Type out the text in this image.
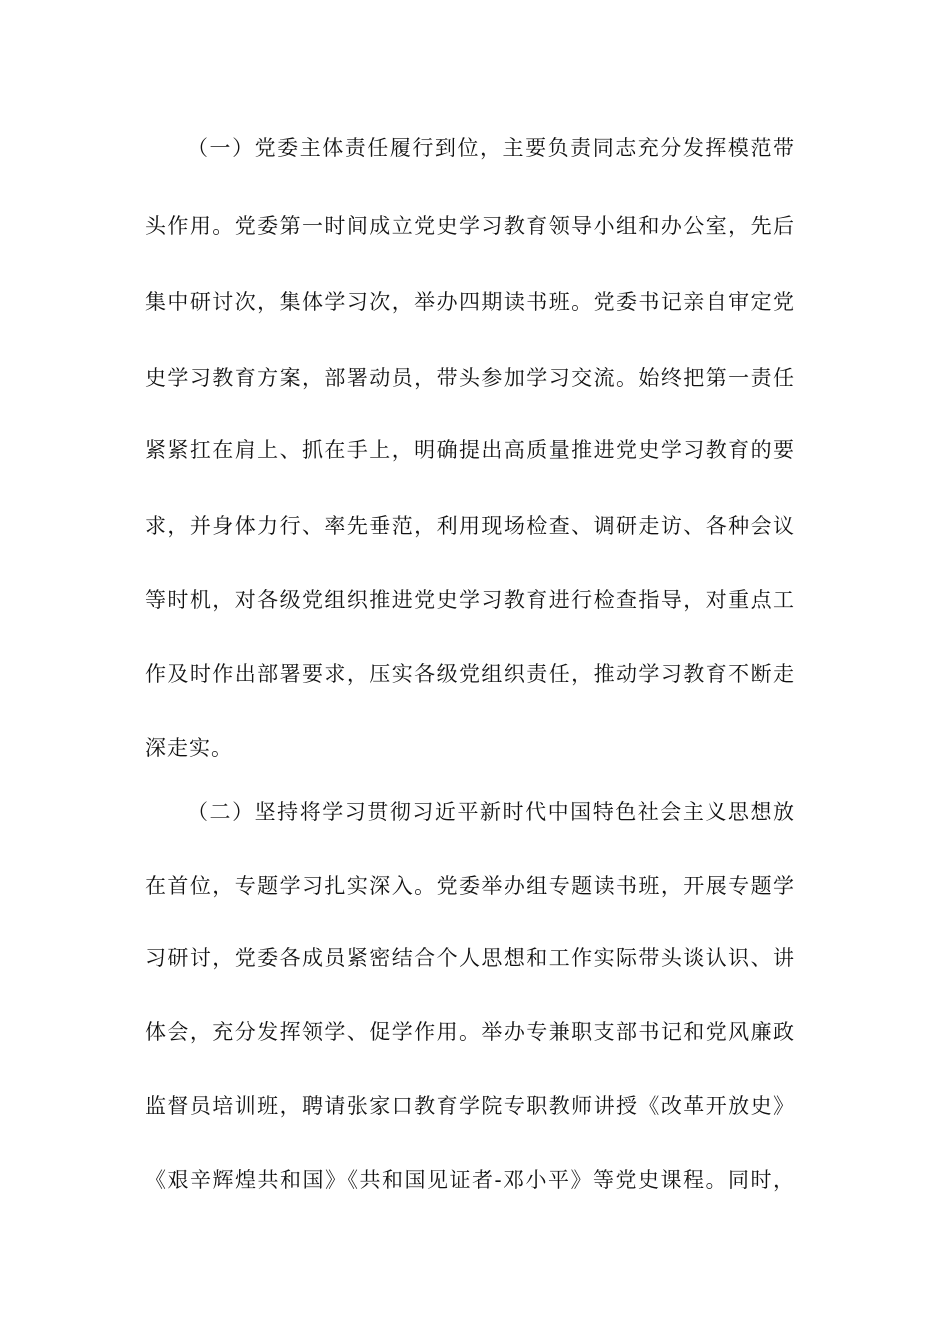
（一）党委主体责任履行到位，主要负责同志充分发挥模范带
头作用。党委第一时间成立党史学习教育领导小组和办公室，先后
集中研讨次，集体学习次，举办四期读书班。党委书记亲自审定党
史学习教育方案，部署动员，带头参加学习交流。始终把第一责任
紧紧扛在肩上、抓在手上，明确提出高质量推进党史学习教育的要
求，并身体力行、率先垂范，利用现场检查、调研走访、各种会议
等时机，对各级党组织推进党史学习教育进行检查指导，对重点工
作及时作出部署要求，压实各级党组织责任，推动学习教育不断走
深走实。
（二）坚持将学习贯彻习近平新时代中国特色社会主义思想放
在首位，专题学习扎实深入。党委举办组专题读书班，开展专题学
习研讨，党委各成员紧密结合个人思想和工作实际带头谈认识、讲
体会，充分发挥领学、促学作用。举办专兼职支部书记和党风廉政
监督员培训班，聘请张家口教育学院专职教师讲授《改革开放史》
《艰辛辉煌共和国》《共和国见证者-邓小平》等党史课程。同时，
